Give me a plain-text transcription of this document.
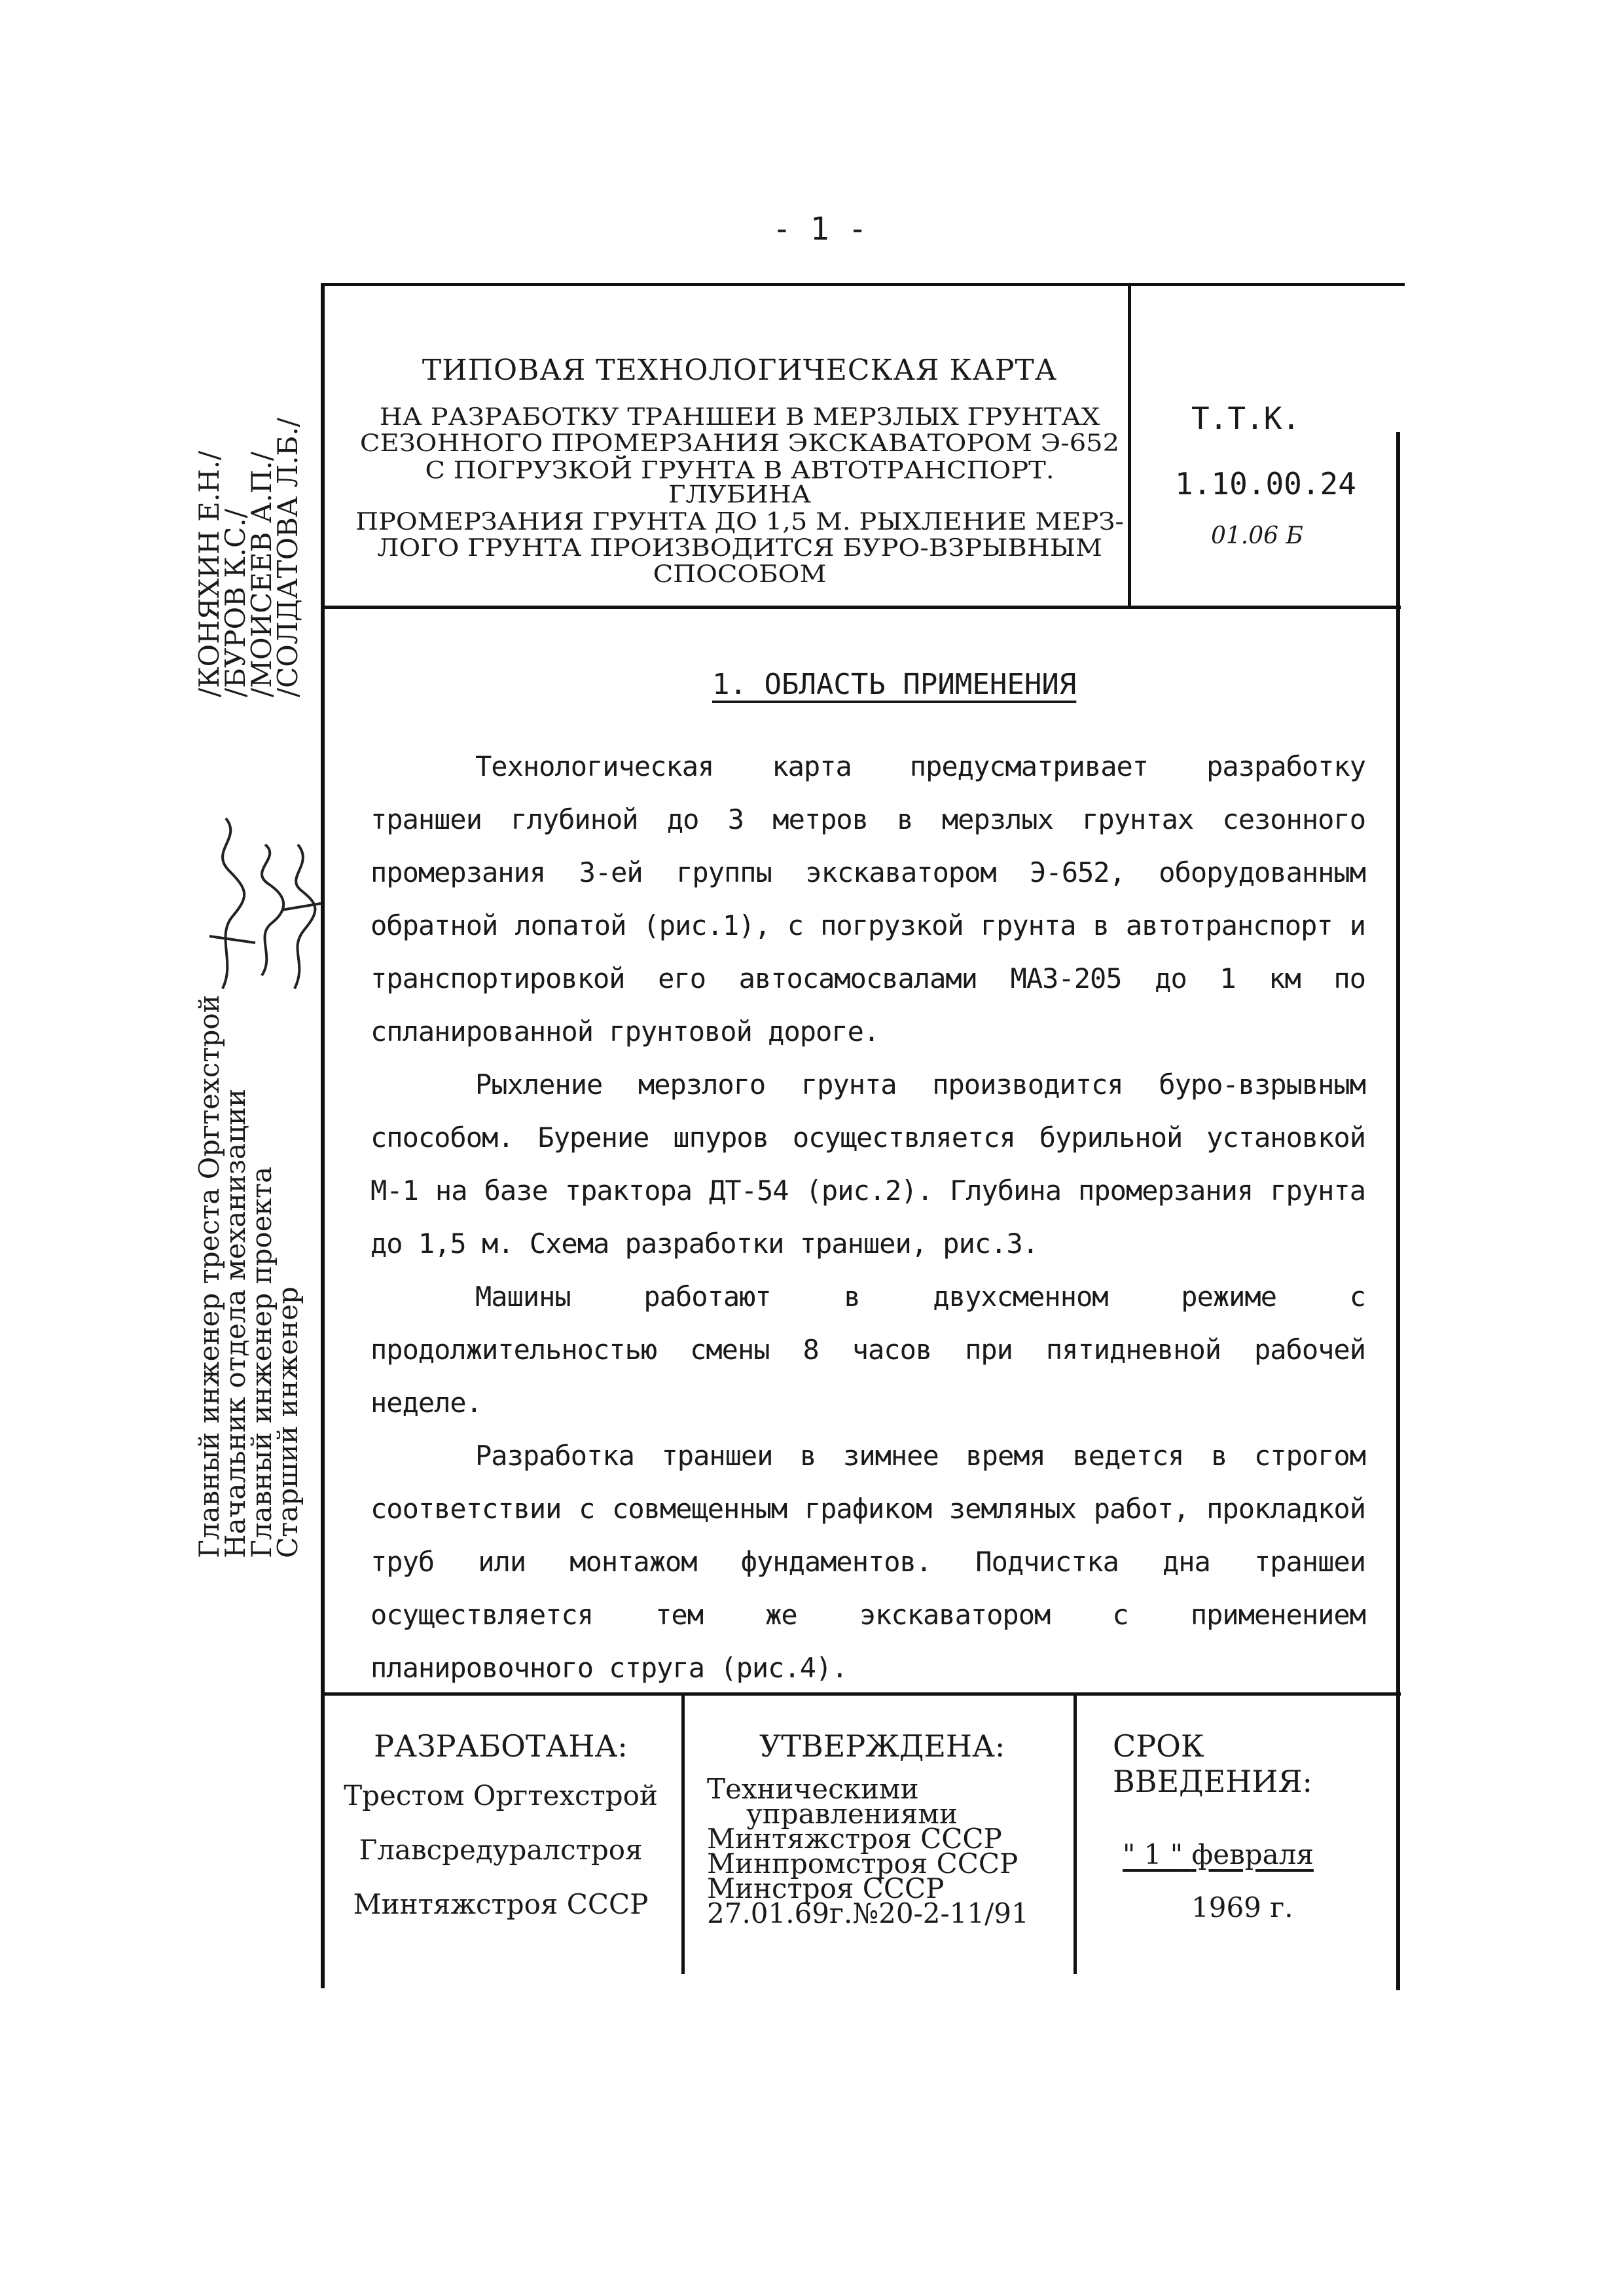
- 1 -
ТИПОВАЯ ТЕХНОЛОГИЧЕСКАЯ КАРТА
НА РАЗРАБОТКУ ТРАНШЕИ В МЕРЗЛЫХ ГРУНТАХ
СЕЗОННОГО ПРОМЕРЗАНИЯ ЭКСКАВАТОРОМ Э-652
С ПОГРУЗКОЙ ГРУНТА В АВТОТРАНСПОРТ. ГЛУБИНА
ПРОМЕРЗАНИЯ ГРУНТА ДО 1,5 М. РЫХЛЕНИЕ МЕРЗ-
ЛОГО ГРУНТА ПРОИЗВОДИТСЯ БУРО-ВЗРЫВНЫМ
СПОСОБОМ
Т.Т.К.
1.10.00.24
01.06 Б
1. ОБЛАСТЬ ПРИМЕНЕНИЯ

Технологическая карта предусматривает разработку траншеи глубиной до 3 метров в мерзлых грунтах сезонного промерзания 3-ей группы экскаватором Э-652, оборудованным обратной лопатой (рис.1), с погрузкой грунта в автотранспорт и транспортировкой его автосамосвалами МАЗ-205 до 1 км по спланированной грунтовой дороге.

Рыхление мерзлого грунта производится буро-взрывным способом. Бурение шпуров осуществляется бурильной установкой М-1 на базе трактора ДТ-54 (рис.2). Глубина промерзания грунта до 1,5 м. Схема разработки траншеи, рис.3.

Машины работают в двухсменном режиме с продолжительностью смены 8 часов при пятидневной рабочей неделе.

Разработка траншеи в зимнее время ведется в строгом соответствии с совмещенным графиком земляных работ, прокладкой труб или монтажом фундаментов. Подчистка дна траншеи осуществляется тем же экскаватором с применением планировочного струга (рис.4).

РАЗРАБОТАНА:
Трестом Оргтехстрой
Главсредуралстроя
Минтяжстроя СССР
УТВЕРЖДЕНА:
Техническими
управлениями
Минтяжстроя СССР
Минпромстроя СССР
Минстроя СССР
27.01.69г.№20-2-11/91
СРОК ВВЕДЕНИЯ:
" 1 " февраля
1969 г.
Главный инженер треста Оргтехстрой
Начальник отдела механизации
Главный инженер проекта
Старший инженер
/КОНЯХИН Е.Н./
/БУРОВ К.С./
/МОИСЕЕВ А.П./
/СОЛДАТОВА Л.Б./
